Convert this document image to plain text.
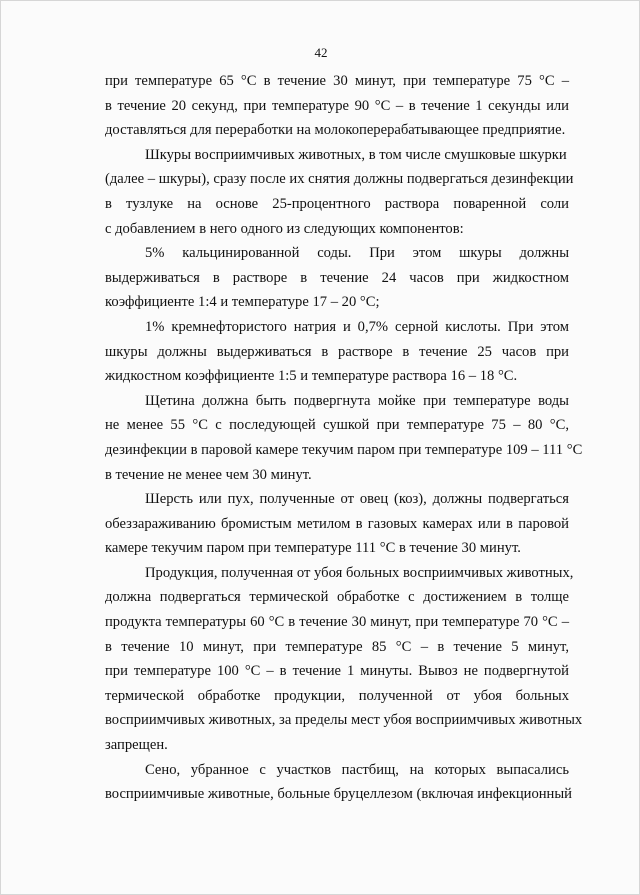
42

при температуре 65 °С в течение 30 минут, при температуре 75 °С –
в течение 20 секунд, при температуре 90 °С – в течение 1 секунды или
доставляться для переработки на молокоперерабатывающее предприятие.

Шкуры восприимчивых животных, в том числе смушковые шкурки
(далее – шкуры), сразу после их снятия должны подвергаться дезинфекции
в тузлуке на основе 25-процентного раствора поваренной соли
с добавлением в него одного из следующих компонентов:

5% кальцинированной соды. При этом шкуры должны
выдерживаться в растворе в течение 24 часов при жидкостном
коэффициенте 1:4 и температуре 17 – 20 °С;

1% кремнефтористого натрия и 0,7% серной кислоты. При этом
шкуры должны выдерживаться в растворе в течение 25 часов при
жидкостном коэффициенте 1:5 и температуре раствора 16 – 18 °С.

Щетина должна быть подвергнута мойке при температуре воды
не менее 55 °С с последующей сушкой при температуре 75 – 80 °С,
дезинфекции в паровой камере текучим паром при температуре 109 – 111 °С
в течение не менее чем 30 минут.

Шерсть или пух, полученные от овец (коз), должны подвергаться
обеззараживанию бромистым метилом в газовых камерах или в паровой
камере текучим паром при температуре 111 °С в течение 30 минут.

Продукция, полученная от убоя больных восприимчивых животных,
должна подвергаться термической обработке с достижением в толще
продукта температуры 60 °С в течение 30 минут, при температуре 70 °С –
в течение 10 минут, при температуре 85 °С – в течение 5 минут,
при температуре 100 °С – в течение 1 минуты. Вывоз не подвергнутой
термической обработке продукции, полученной от убоя больных
восприимчивых животных, за пределы мест убоя восприимчивых животных
запрещен.

Сено, убранное с участков пастбищ, на которых выпасались
восприимчивые животные, больные бруцеллезом (включая инфекционный
